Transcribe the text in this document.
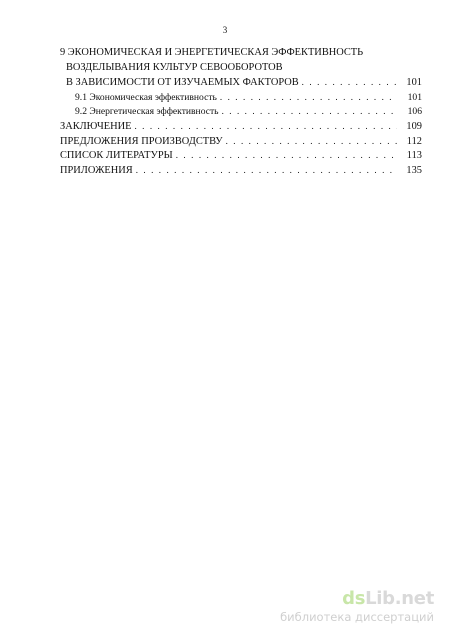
3
9 ЭКОНОМИЧЕСКАЯ И ЭНЕРГЕТИЧЕСКАЯ ЭФФЕКТИВНОСТЬ
ВОЗДЕЛЫВАНИЯ КУЛЬТУР СЕВООБОРОТОВ
В ЗАВИСИМОСТИ ОТ ИЗУЧАЕМЫХ ФАКТОРОВ . . .	101
9.1 Экономическая эффективность . . .	101
9.2 Энергетическая эффективность . . .	106
ЗАКЛЮЧЕНИЕ . . .	109
ПРЕДЛОЖЕНИЯ ПРОИЗВОДСТВУ . . .	112
СПИСОК ЛИТЕРАТУРЫ . . .	113
ПРИЛОЖЕНИЯ . . .	135
dsLib.net
библиотека диссертаций
